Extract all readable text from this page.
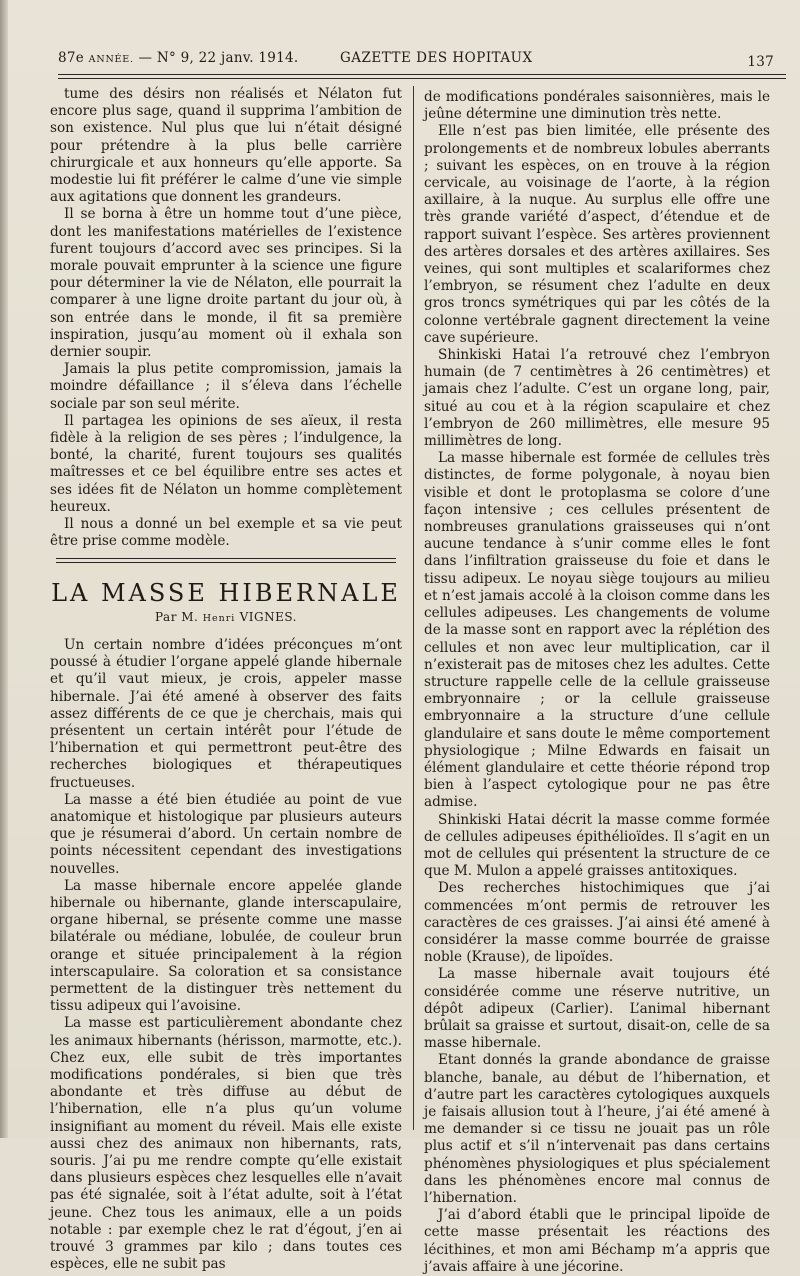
87e ANNÉE. — N° 9, 22 janv. 1914.	GAZETTE DES HOPITAUX	137

tume des désirs non réalisés et Nélaton fut encore plus sage, quand il supprima l’ambition de son existence. Nul plus que lui n’était désigné pour prétendre à la plus belle carrière chirurgicale et aux honneurs qu’elle apporte. Sa modestie lui fit préférer le calme d’une vie simple aux agitations que donnent les grandeurs.

Il se borna à être un homme tout d’une pièce, dont les manifestations matérielles de l’existence furent toujours d’accord avec ses principes. Si la morale pouvait emprunter à la science une figure pour déterminer la vie de Nélaton, elle pourrait la comparer à une ligne droite partant du jour où, à son entrée dans le monde, il fit sa première inspiration, jusqu’au moment où il exhala son dernier soupir.

Jamais la plus petite compromission, jamais la moindre défaillance ; il s’éleva dans l’échelle sociale par son seul mérite.

Il partagea les opinions de ses aïeux, il resta fidèle à la religion de ses pères ; l’indulgence, la bonté, la charité, furent toujours ses qualités maîtresses et ce bel équilibre entre ses actes et ses idées fit de Nélaton un homme complètement heureux.

Il nous a donné un bel exemple et sa vie peut être prise comme modèle.

LA MASSE HIBERNALE
Par M. Henri VIGNES.

Un certain nombre d’idées préconçues m’ont poussé à étudier l’organe appelé glande hibernale et qu’il vaut mieux, je crois, appeler masse hibernale. J’ai été amené à observer des faits assez différents de ce que je cherchais, mais qui présentent un certain intérêt pour l’étude de l’hibernation et qui permettront peut-être des recherches biologiques et thérapeutiques fructueuses.

La masse a été bien étudiée au point de vue anatomique et histologique par plusieurs auteurs que je résumerai d’abord. Un certain nombre de points nécessitent cependant des investigations nouvelles.

La masse hibernale encore appelée glande hibernale ou hibernante, glande interscapulaire, organe hibernal, se présente comme une masse bilatérale ou médiane, lobulée, de couleur brun orange et située principalement à la région interscapulaire. Sa coloration et sa consistance permettent de la distinguer très nettement du tissu adipeux qui l’avoisine.

La masse est particulièrement abondante chez les animaux hibernants (hérisson, marmotte, etc.). Chez eux, elle subit de très importantes modifications pondérales, si bien que très abondante et très diffuse au début de l’hibernation, elle n’a plus qu’un volume insignifiant au moment du réveil. Mais elle existe aussi chez des animaux non hibernants, rats, souris. J’ai pu me rendre compte qu’elle existait dans plusieurs espèces chez lesquelles elle n’avait pas été signalée, soit à l’état adulte, soit à l’état jeune. Chez tous les animaux, elle a un poids notable : par exemple chez le rat d’égout, j’en ai trouvé 3 grammes par kilo ; dans toutes ces espèces, elle ne subit pas

de modifications pondérales saisonnières, mais le jeûne détermine une diminution très nette.

Elle n’est pas bien limitée, elle présente des prolongements et de nombreux lobules aberrants ; suivant les espèces, on en trouve à la région cervicale, au voisinage de l’aorte, à la région axillaire, à la nuque. Au surplus elle offre une très grande variété d’aspect, d’étendue et de rapport suivant l’espèce. Ses artères proviennent des artères dorsales et des artères axillaires. Ses veines, qui sont multiples et scalariformes chez l’embryon, se résument chez l’adulte en deux gros troncs symétriques qui par les côtés de la colonne vertébrale gagnent directement la veine cave supérieure.

Shinkiski Hatai l’a retrouvé chez l’embryon humain (de 7 centimètres à 26 centimètres) et jamais chez l’adulte. C’est un organe long, pair, situé au cou et à la région scapulaire et chez l’embryon de 260 millimètres, elle mesure 95 millimètres de long.

La masse hibernale est formée de cellules très distinctes, de forme polygonale, à noyau bien visible et dont le protoplasma se colore d’une façon intensive ; ces cellules présentent de nombreuses granulations graisseuses qui n’ont aucune tendance à s’unir comme elles le font dans l’infiltration graisseuse du foie et dans le tissu adipeux. Le noyau siège toujours au milieu et n’est jamais accolé à la cloison comme dans les cellules adipeuses. Les changements de volume de la masse sont en rapport avec la réplétion des cellules et non avec leur multiplication, car il n’existerait pas de mitoses chez les adultes. Cette structure rappelle celle de la cellule graisseuse embryonnaire ; or la cellule graisseuse embryonnaire a la structure d’une cellule glandulaire et sans doute le même comportement physiologique ; Milne Edwards en faisait un élément glandulaire et cette théorie répond trop bien à l’aspect cytologique pour ne pas être admise.

Shinkiski Hatai décrit la masse comme formée de cellules adipeuses épithélioïdes. Il s’agit en un mot de cellules qui présentent la structure de ce que M. Mulon a appelé graisses antitoxiques.

Des recherches histochimiques que j’ai commencées m’ont permis de retrouver les caractères de ces graisses. J’ai ainsi été amené à considérer la masse comme bourrée de graisse noble (Krause), de lipoïdes.

La masse hibernale avait toujours été considérée comme une réserve nutritive, un dépôt adipeux (Carlier). L’animal hibernant brûlait sa graisse et surtout, disait-on, celle de sa masse hibernale.

Etant donnés la grande abondance de graisse blanche, banale, au début de l’hibernation, et d’autre part les caractères cytologiques auxquels je faisais allusion tout à l’heure, j’ai été amené à me demander si ce tissu ne jouait pas un rôle plus actif et s’il n’intervenait pas dans certains phénomènes physiologiques et plus spécialement dans les phénomènes encore mal connus de l’hibernation.

J’ai d’abord établi que le principal lipoïde de cette masse présentait les réactions des lécithines, et mon ami Béchamp m’a appris que j’avais affaire à une jécorine.
